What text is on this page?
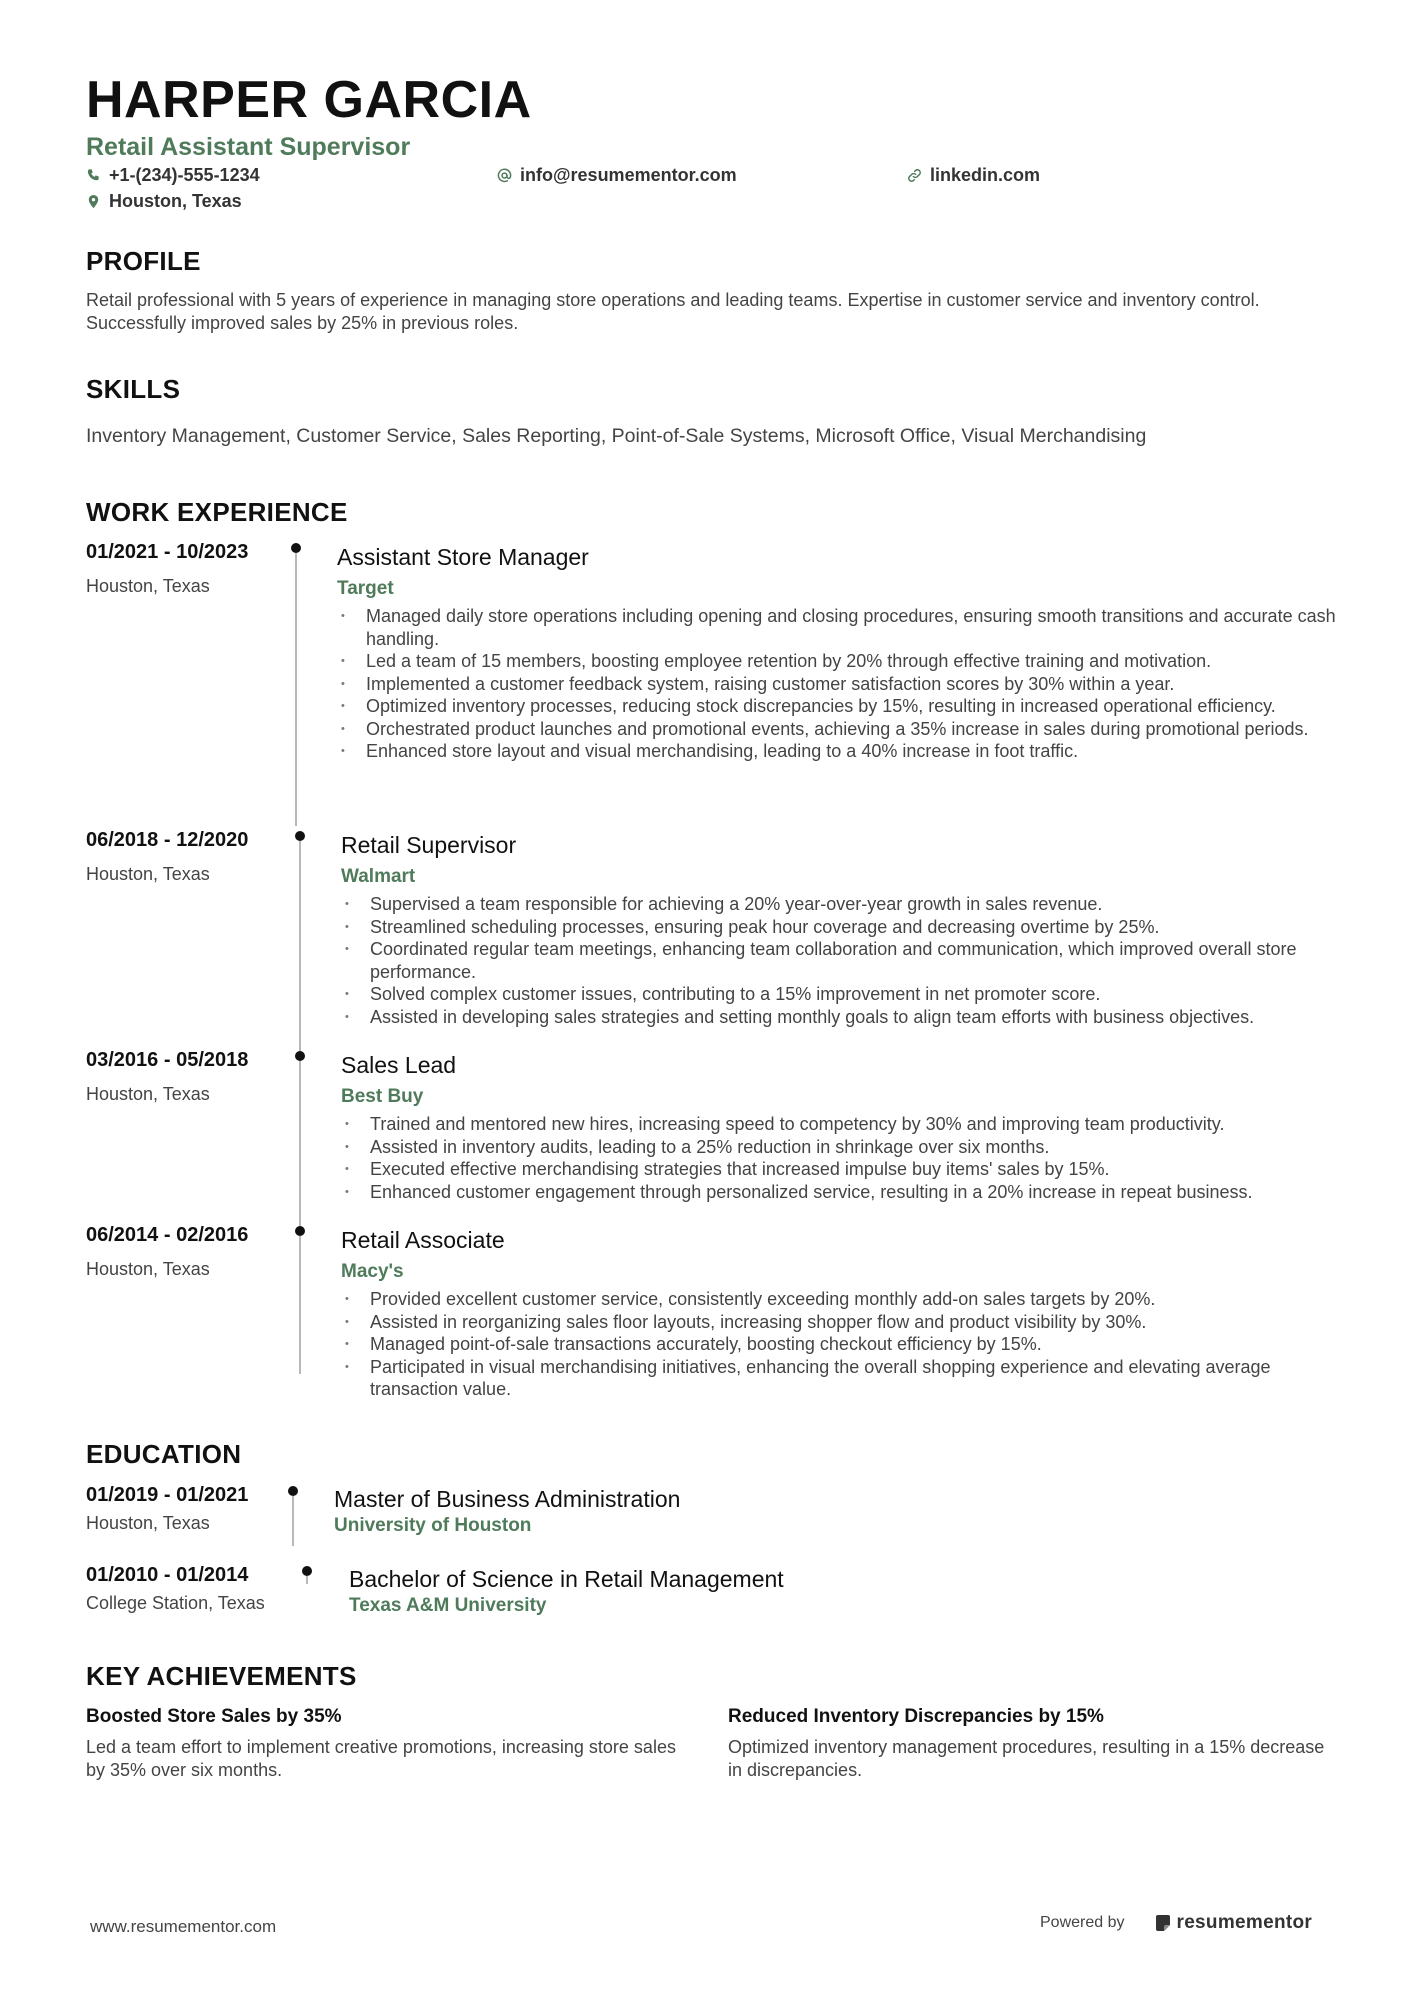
HARPER GARCIA
Retail Assistant Supervisor
+1-(234)-555-1234	info@resumementor.com	linkedin.com
Houston, Texas
PROFILE

Retail professional with 5 years of experience in managing store operations and leading teams. Expertise in customer service and inventory control. Successfully improved sales by 25% in previous roles.

SKILLS

Inventory Management, Customer Service, Sales Reporting, Point-of-Sale Systems, Microsoft Office, Visual Merchandising

WORK EXPERIENCE
01/2021 - 10/2023
Houston, Texas
Assistant Store Manager
Target
• Managed daily store operations including opening and closing procedures, ensuring smooth transitions and accurate cash handling.
• Led a team of 15 members, boosting employee retention by 20% through effective training and motivation.
• Implemented a customer feedback system, raising customer satisfaction scores by 30% within a year.
• Optimized inventory processes, reducing stock discrepancies by 15%, resulting in increased operational efficiency.
• Orchestrated product launches and promotional events, achieving a 35% increase in sales during promotional periods.
• Enhanced store layout and visual merchandising, leading to a 40% increase in foot traffic.
06/2018 - 12/2020
Houston, Texas
Retail Supervisor
Walmart
• Supervised a team responsible for achieving a 20% year-over-year growth in sales revenue.
• Streamlined scheduling processes, ensuring peak hour coverage and decreasing overtime by 25%.
• Coordinated regular team meetings, enhancing team collaboration and communication, which improved overall store performance.
• Solved complex customer issues, contributing to a 15% improvement in net promoter score.
• Assisted in developing sales strategies and setting monthly goals to align team efforts with business objectives.
03/2016 - 05/2018
Houston, Texas
Sales Lead
Best Buy
• Trained and mentored new hires, increasing speed to competency by 30% and improving team productivity.
• Assisted in inventory audits, leading to a 25% reduction in shrinkage over six months.
• Executed effective merchandising strategies that increased impulse buy items' sales by 15%.
• Enhanced customer engagement through personalized service, resulting in a 20% increase in repeat business.
06/2014 - 02/2016
Houston, Texas
Retail Associate
Macy's
• Provided excellent customer service, consistently exceeding monthly add-on sales targets by 20%.
• Assisted in reorganizing sales floor layouts, increasing shopper flow and product visibility by 30%.
• Managed point-of-sale transactions accurately, boosting checkout efficiency by 15%.
• Participated in visual merchandising initiatives, enhancing the overall shopping experience and elevating average transaction value.
EDUCATION
01/2019 - 01/2021
Houston, Texas
Master of Business Administration
University of Houston
01/2010 - 01/2014
College Station, Texas
Bachelor of Science in Retail Management
Texas A&M University
KEY ACHIEVEMENTS
Boosted Store Sales by 35%
Led a team effort to implement creative promotions, increasing store sales by 35% over six months.
Reduced Inventory Discrepancies by 15%
Optimized inventory management procedures, resulting in a 15% decrease in discrepancies.
www.resumementor.com	Powered by	resumementor
